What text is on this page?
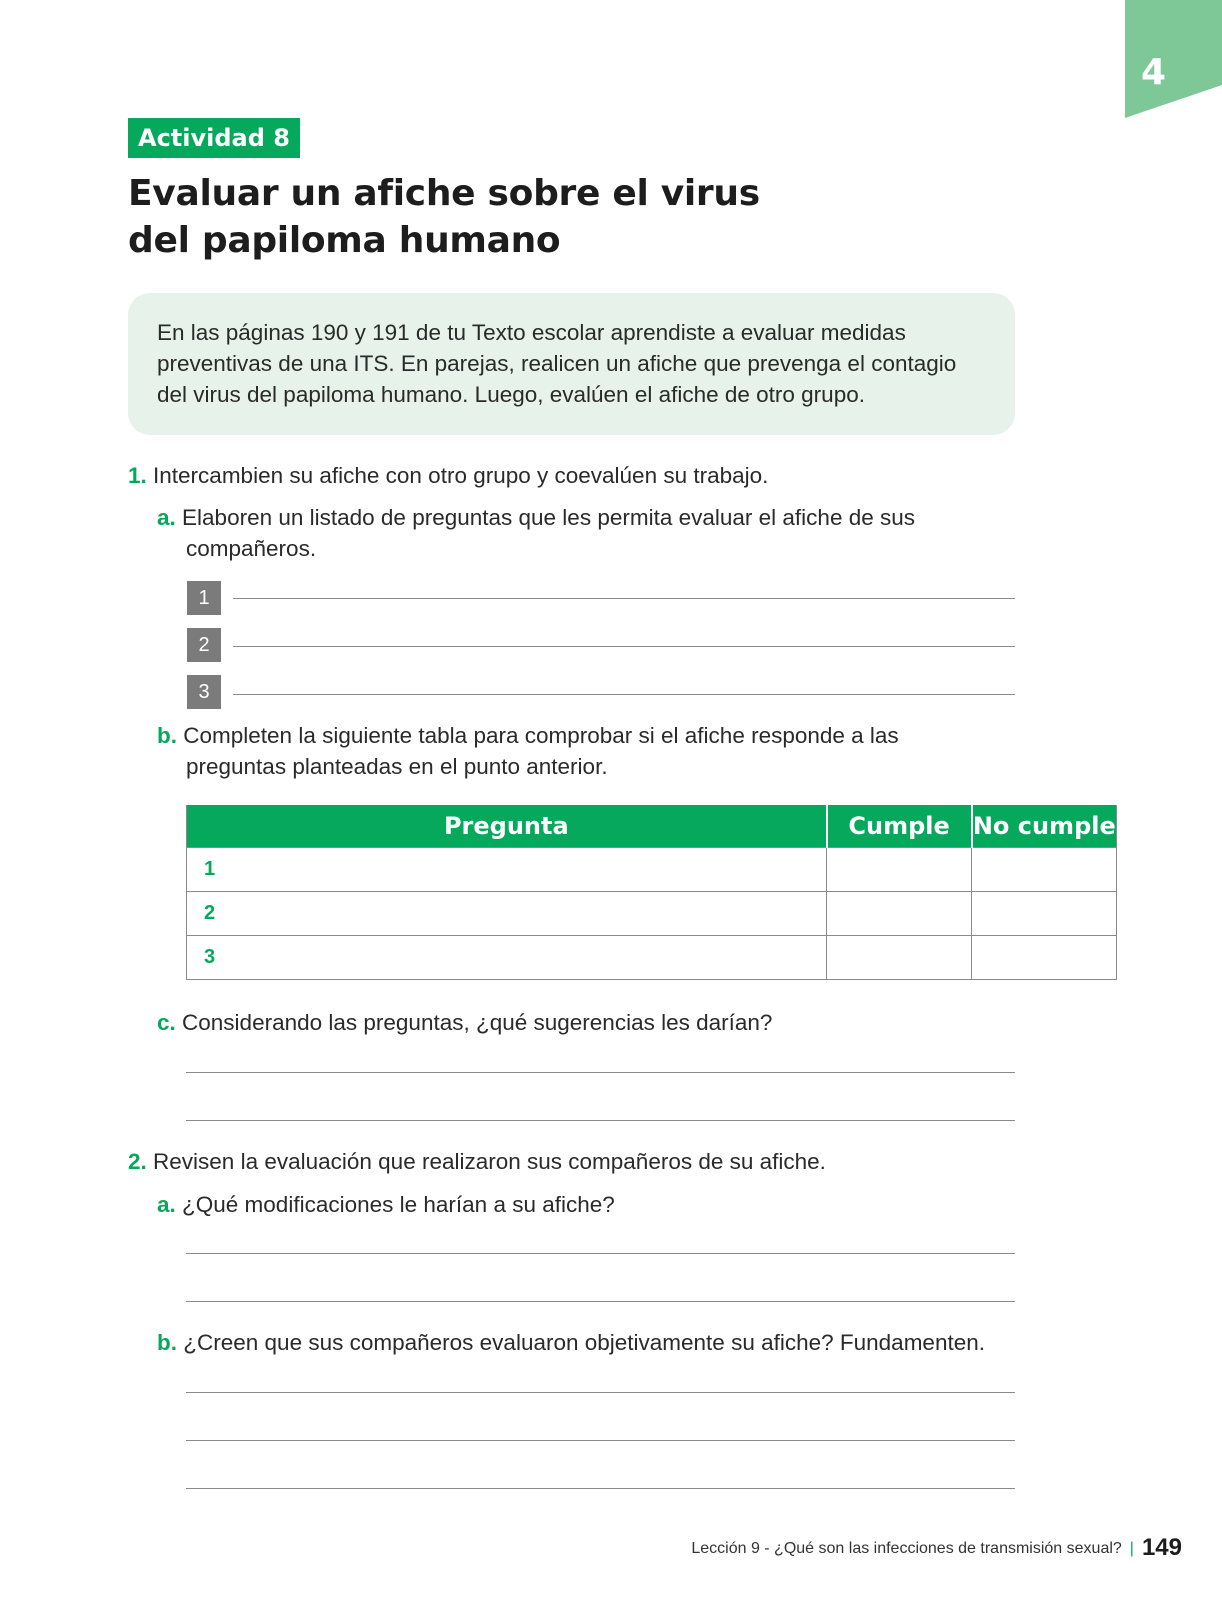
4
Actividad 8
Evaluar un afiche sobre el virus
del papiloma humano
En las páginas 190 y 191 de tu Texto escolar aprendiste a evaluar medidas preventivas de una ITS. En parejas, realicen un afiche que prevenga el contagio del virus del papiloma humano. Luego, evalúen el afiche de otro grupo.
1. Intercambien su afiche con otro grupo y coevalúen su trabajo.
a. Elaboren un listado de preguntas que les permita evaluar el afiche de sus compañeros.
1
2
3
b. Completen la siguiente tabla para comprobar si el afiche responde a las preguntas planteadas en el punto anterior.
Pregunta	Cumple	No cumple
1		
2		
3		
c. Considerando las preguntas, ¿qué sugerencias les darían?
2. Revisen la evaluación que realizaron sus compañeros de su afiche.
a. ¿Qué modificaciones le harían a su afiche?
b. ¿Creen que sus compañeros evaluaron objetivamente su afiche? Fundamenten.
Lección 9 - ¿Qué son las infecciones de transmisión sexual? | 149
